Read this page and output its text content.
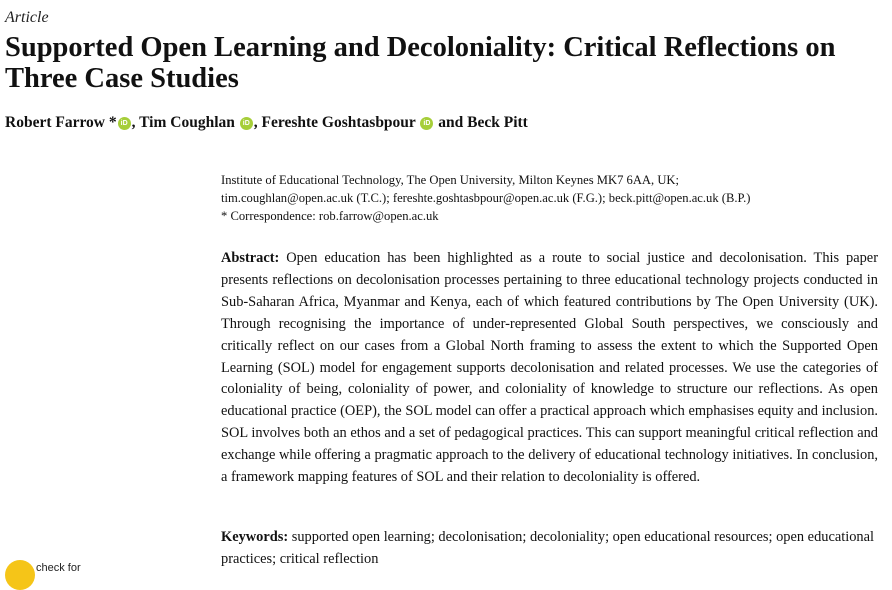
Article
Supported Open Learning and Decoloniality: Critical Reflections on Three Case Studies
Robert Farrow * iD , Tim Coughlan iD , Fereshte Goshtasbpour iD and Beck Pitt
Institute of Educational Technology, The Open University, Milton Keynes MK7 6AA, UK;
tim.coughlan@open.ac.uk (T.C.); fereshte.goshtasbpour@open.ac.uk (F.G.); beck.pitt@open.ac.uk (B.P.)
* Correspondence: rob.farrow@open.ac.uk

Abstract: Open education has been highlighted as a route to social justice and decolonisation. This paper presents reflections on decolonisation processes pertaining to three educational technology projects conducted in Sub-Saharan Africa, Myanmar and Kenya, each of which featured contributions by The Open University (UK). Through recognising the importance of under-represented Global South perspectives, we consciously and critically reflect on our cases from a Global North framing to assess the extent to which the Supported Open Learning (SOL) model for engagement supports decolonisation and related processes. We use the categories of coloniality of being, coloniality of power, and coloniality of knowledge to structure our reflections. As open educational practice (OEP), the SOL model can offer a practical approach which emphasises equity and inclusion. SOL involves both an ethos and a set of pedagogical practices. This can support meaningful critical reflection and exchange while offering a pragmatic approach to the delivery of educational technology initiatives. In conclusion, a framework mapping features of SOL and their relation to decoloniality is offered.

Keywords: supported open learning; decolonisation; decoloniality; open educational resources; open educational practices; critical reflection

check for
